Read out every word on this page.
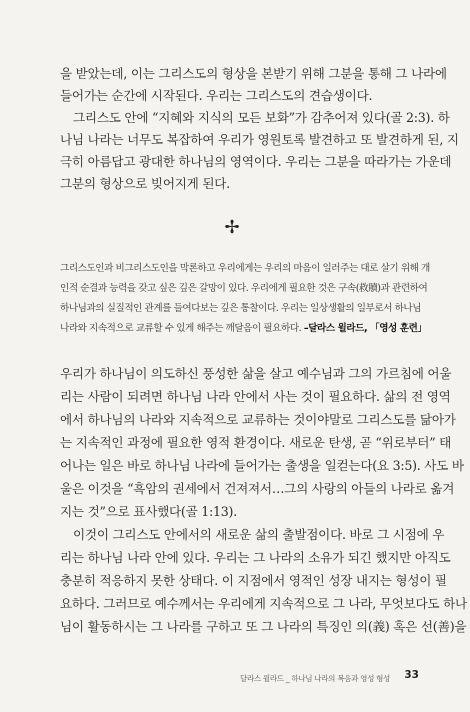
을 받았는데, 이는 그리스도의 형상을 본받기 위해 그분을 통해 그 나라에
들어가는 순간에 시작된다. 우리는 그리스도의 견습생이다.
그리스도 안에 “지혜와 지식의 모든 보화”가 감추어져 있다(골 2:3). 하
나님 나라는 너무도 복잡하여 우리가 영원토록 발견하고 또 발견하게 된, 지
극히 아름답고 광대한 하나님의 영역이다. 우리는 그분을 따라가는 가운데
그분의 형상으로 빚어지게 된다.
✢
그리스도인과 비그리스도인을 막론하고 우리에게는 우리의 마음이 일러주는 대로 살기 위해 개
인적 순결과 능력을 갖고 싶은 깊은 갈망이 있다. 우리에게 필요한 것은 구속(救贖)과 관련하여
하나님과의 실질적인 관계를 들여다보는 깊은 통찰이다. 우리는 일상생활의 일부로서 하나님
나라와 지속적으로 교류할 수 있게 해주는 깨달음이 필요하다. –달라스 윌라드, 「영성 훈련」
우리가 하나님이 의도하신 풍성한 삶을 살고 예수님과 그의 가르침에 어울
리는 사람이 되려면 하나님 나라 안에서 사는 것이 필요하다. 삶의 전 영역
에서 하나님의 나라와 지속적으로 교류하는 것이야말로 그리스도를 닮아가
는 지속적인 과정에 필요한 영적 환경이다. 새로운 탄생, 곧 “위로부터” 태
어나는 일은 바로 하나님 나라에 들어가는 출생을 일컫는다(요 3:5). 사도 바
울은 이것을 “흑암의 권세에서 건져져서…그의 사랑의 아들의 나라로 옮겨
지는 것”으로 표사했다(골 1:13).
이것이 그리스도 안에서의 새로운 삶의 출발점이다. 바로 그 시점에 우
리는 하나님 나라 안에 있다. 우리는 그 나라의 소유가 되긴 했지만 아직도
충분히 적응하지 못한 상태다. 이 지점에서 영적인 성장 내지는 형성이 필
요하다. 그러므로 예수께서는 우리에게 지속적으로 그 나라, 무엇보다도 하나
님이 활동하시는 그 나라를 구하고 또 그 나라의 특징인 의(義) 혹은 선(善)을
달라스 윌라드 _ 하나님 나라의 복음과 영성 형성	33
